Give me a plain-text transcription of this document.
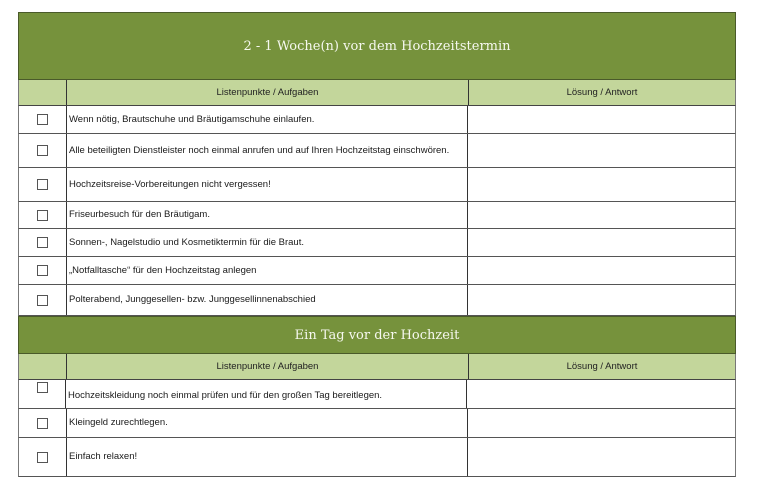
2 - 1 Woche(n) vor dem Hochzeitstermin
Listenpunkte / Aufgaben	Lösung / Antwort
Wenn nötig, Brautschuhe und Bräutigamschuhe einlaufen.
Alle beteiligten Dienstleister noch einmal anrufen und auf Ihren Hochzeitstag einschwören.
Hochzeitsreise-Vorbereitungen nicht vergessen!
Friseurbesuch für den Bräutigam.
Sonnen-, Nagelstudio und Kosmetiktermin für die Braut.
„Notfalltasche“ für den Hochzeitstag anlegen
Polterabend, Junggesellen- bzw. Junggesellinnenabschied
Ein Tag vor der Hochzeit
Listenpunkte / Aufgaben	Lösung / Antwort
Hochzeitskleidung noch einmal prüfen und für den großen Tag bereitlegen.
Kleingeld zurechtlegen.
Einfach relaxen!
